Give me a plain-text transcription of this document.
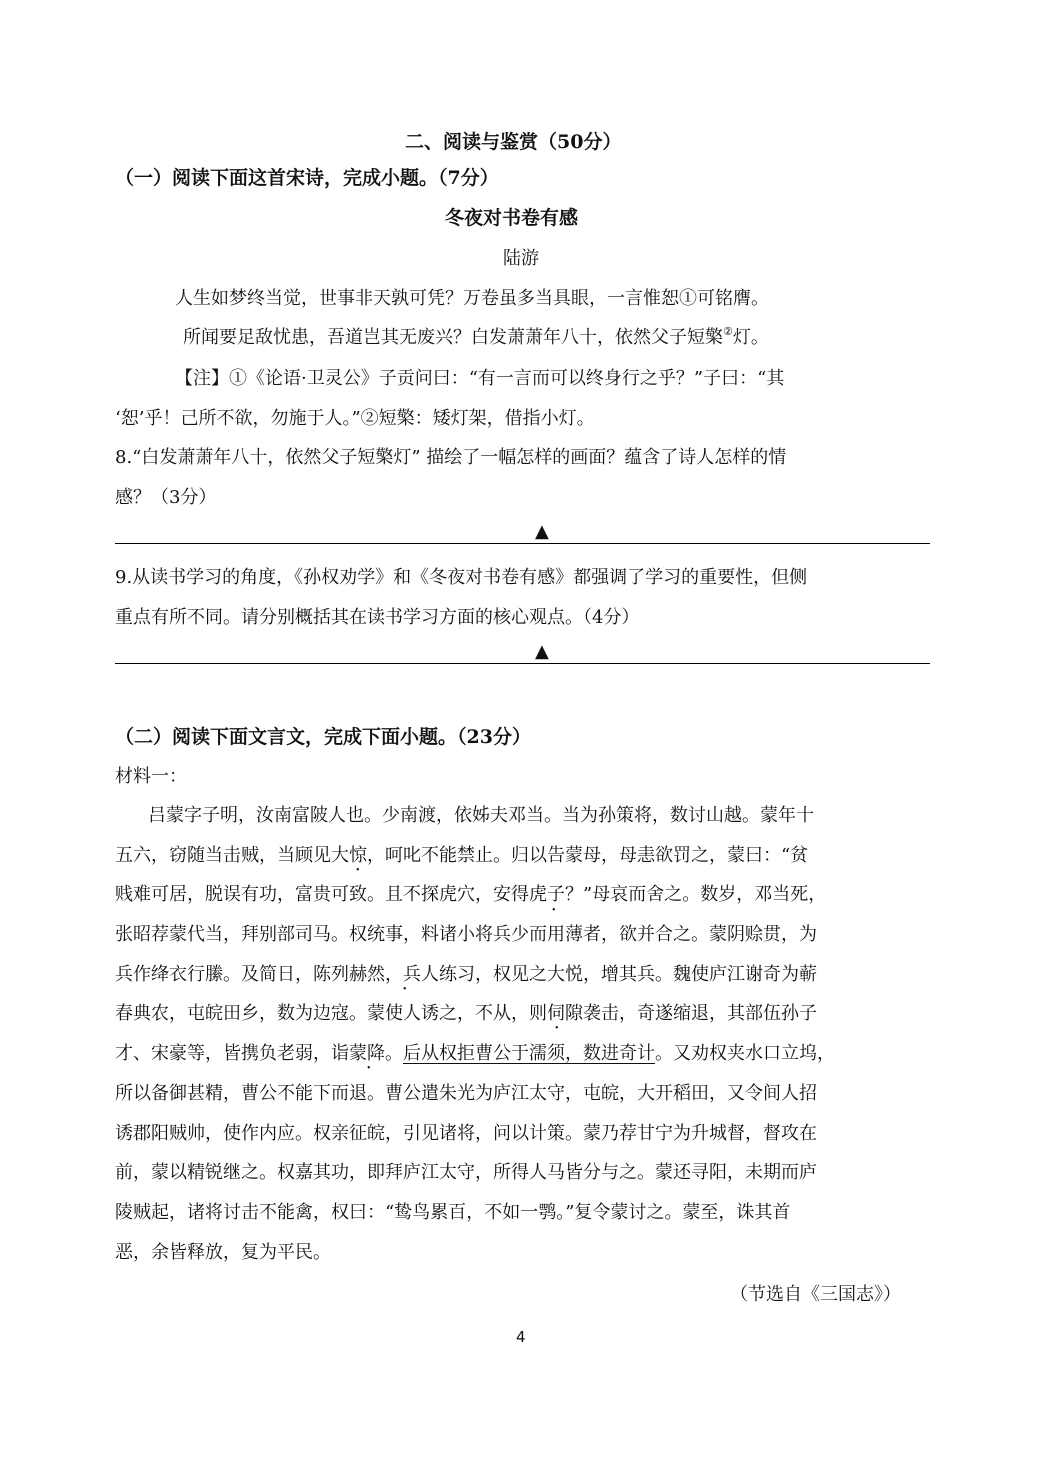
二、阅读与鉴赏（50分）
（一）阅读下面这首宋诗，完成小题。（7分）
冬夜对书卷有感
陆游
人生如梦终当觉，世事非天孰可凭？万卷虽多当具眼，一言惟恕①可铭膺。
所闻要足敌忧患，吾道岂其无废兴？白发萧萧年八十，依然父子短檠②灯。
【注】①《论语·卫灵公》子贡问曰：“有一言而可以终身行之乎？”子曰：“其
‘恕’乎！己所不欲，勿施于人。”②短檠：矮灯架，借指小灯。
8.“白发萧萧年八十，依然父子短檠灯” 描绘了一幅怎样的画面？蕴含了诗人怎样的情
感？（3分）
▲
9.从读书学习的角度，《孙权劝学》和《冬夜对书卷有感》都强调了学习的重要性，但侧
重点有所不同。请分别概括其在读书学习方面的核心观点。（4分）
▲
（二）阅读下面文言文，完成下面小题。（23分）
材料一：
吕蒙字子明，汝南富陂人也。少南渡，依姊夫邓当。当为孙策将，数讨山越。蒙年十
五六，窃随当击贼，当顾见大惊，呵叱不能禁止。归以告蒙母，母恚欲罚之，蒙曰：“贫
贱难可居，脱误有功，富贵可致。且不探虎穴，安得虎子？”母哀而舍之。数岁，邓当死，
张昭荐蒙代当，拜别部司马。权统事，料诸小将兵少而用薄者，欲并合之。蒙阴赊贯，为
兵作绛衣行縢。及简日，陈列赫然，兵人练习，权见之大悦，增其兵。魏使庐江谢奇为蕲
春典农，屯皖田乡，数为边寇。蒙使人诱之，不从，则伺隙袭击，奇遂缩退，其部伍孙子
才、宋豪等，皆携负老弱，诣蒙降。后从权拒曹公于濡须，数进奇计。又劝权夹水口立坞，
所以备御甚精，曹公不能下而退。曹公遣朱光为庐江太守，屯皖，大开稻田，又令间人招
诱郡阳贼帅，使作内应。权亲征皖，引见诸将，问以计策。蒙乃荐甘宁为升城督，督攻在
前，蒙以精锐继之。权嘉其功，即拜庐江太守，所得人马皆分与之。蒙还寻阳，未期而庐
陵贼起，诸将讨击不能禽，权曰：“鸷鸟累百，不如一鹗。”复令蒙讨之。蒙至，诛其首
恶，余皆释放，复为平民。
•
•
•
•
•
（节选自《三国志》）
4
